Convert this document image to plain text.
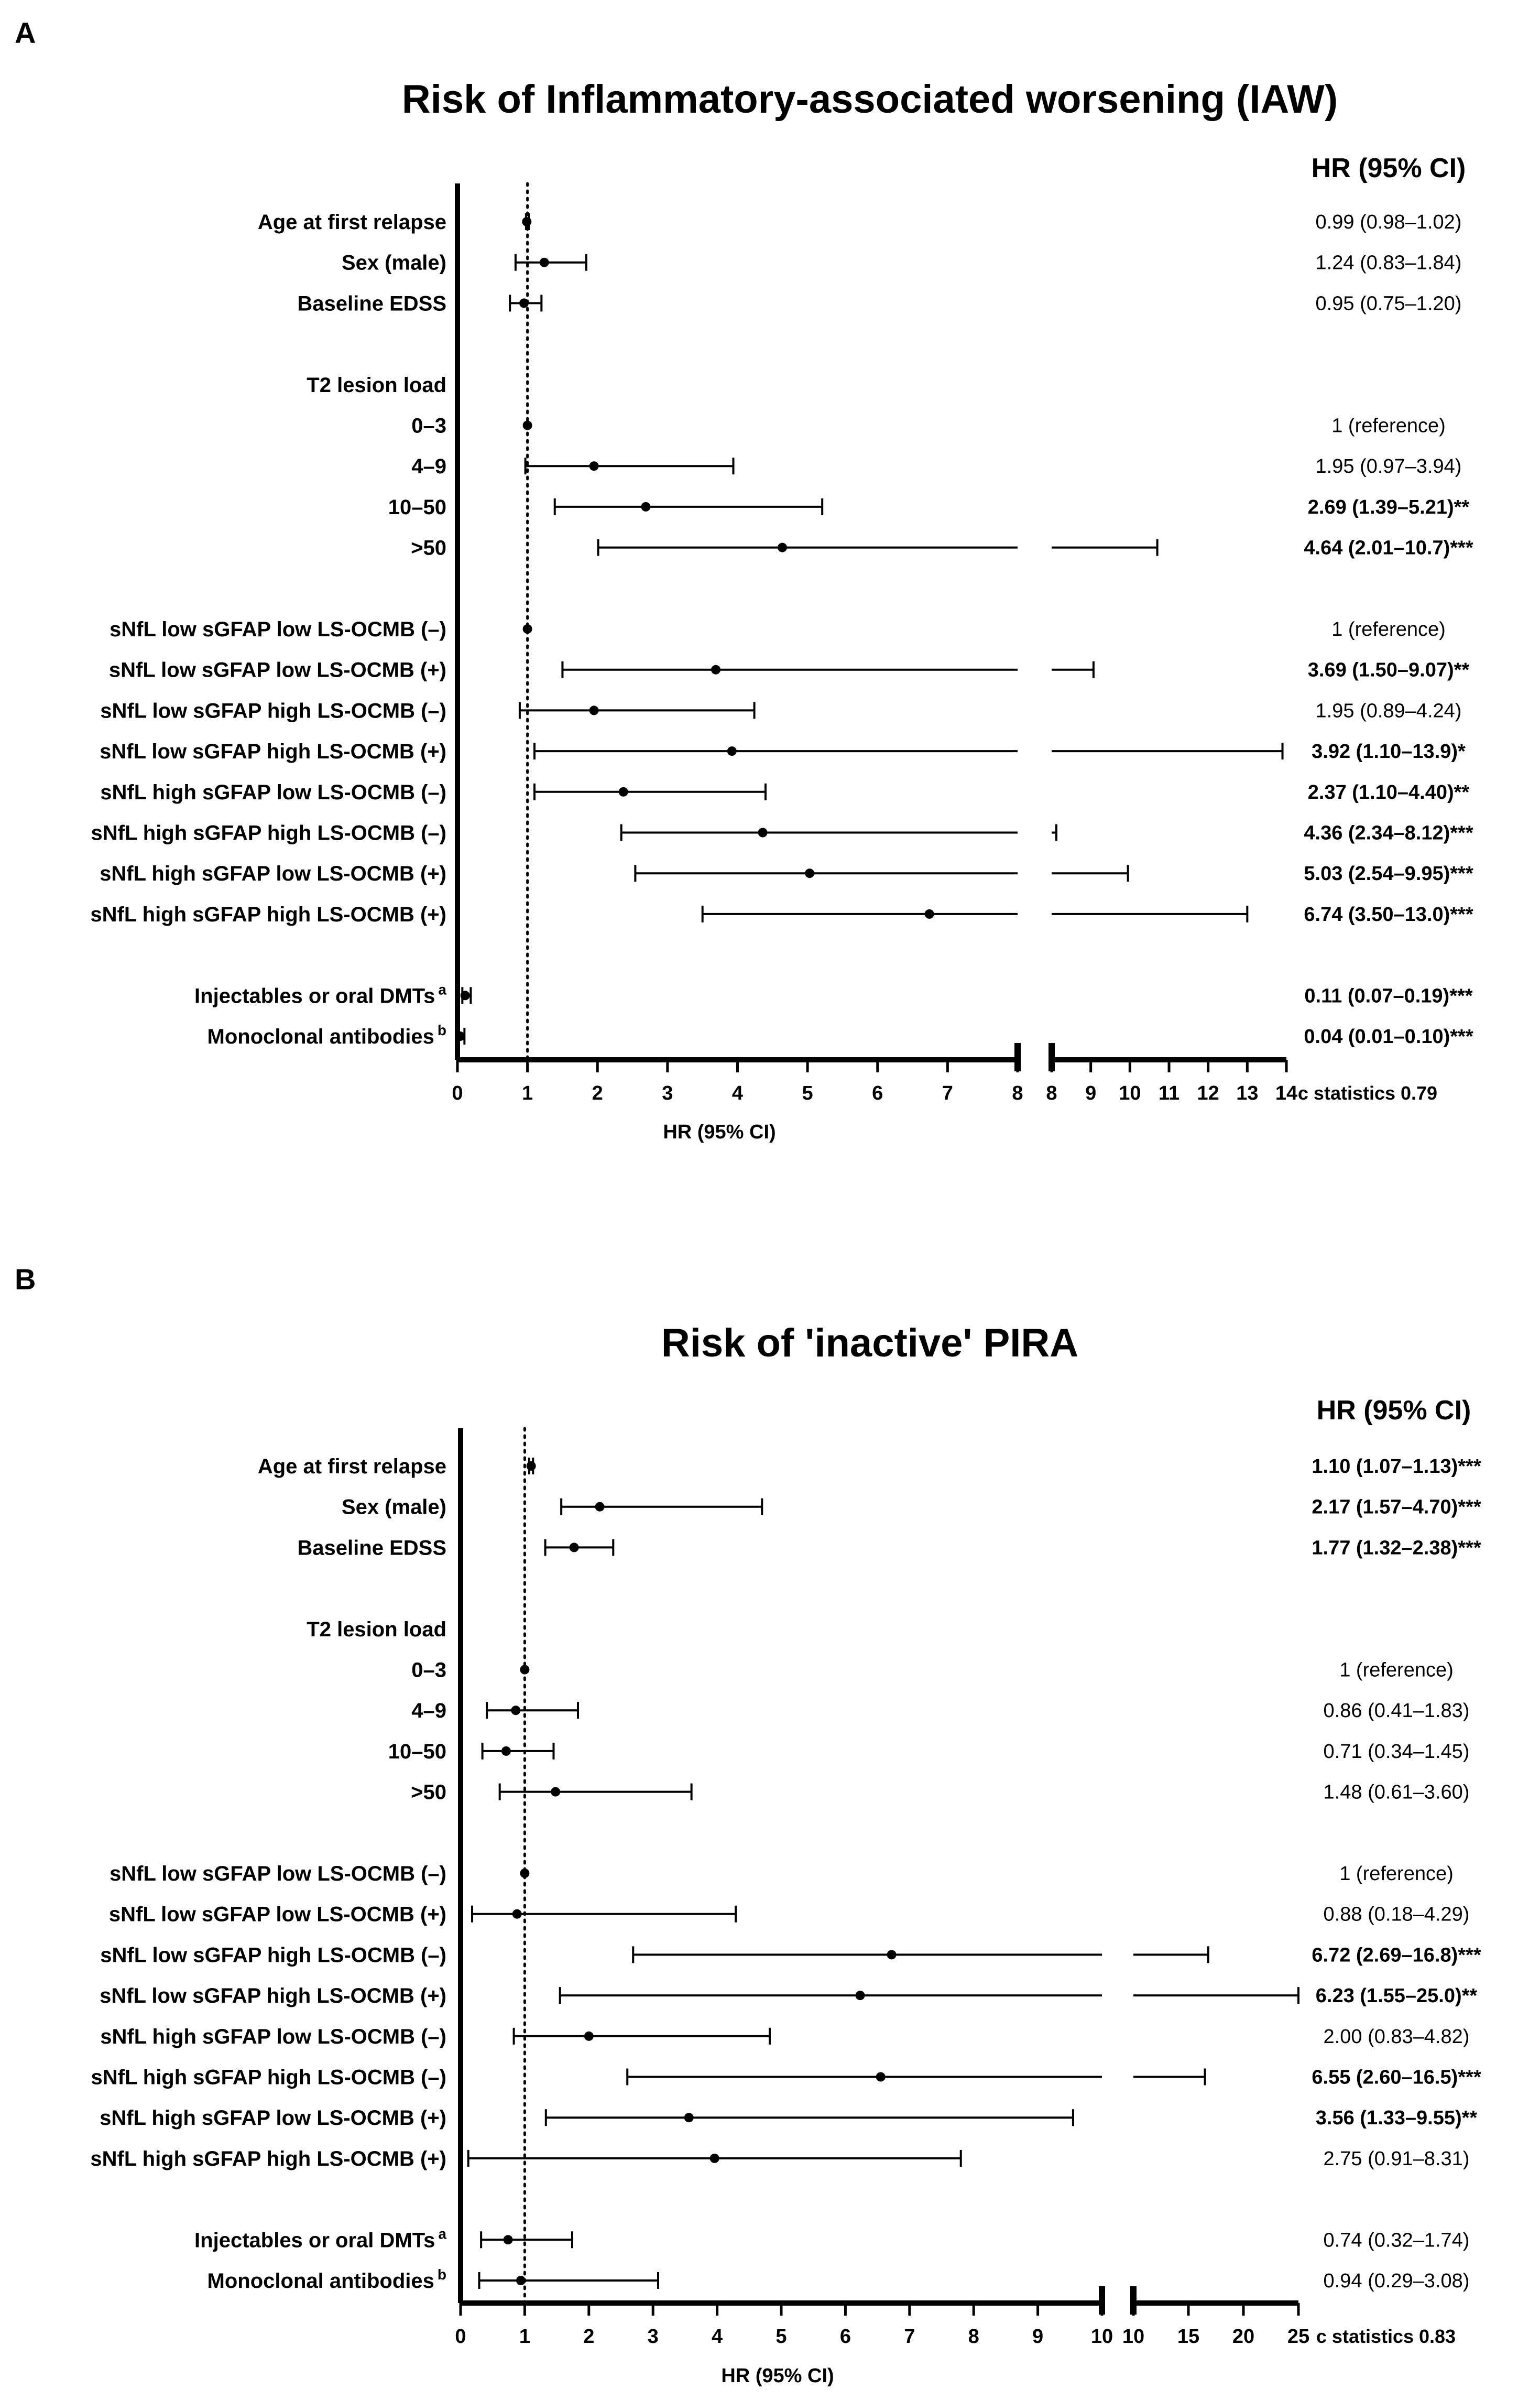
A
Risk of Inflammatory-associated worsening (IAW)
HR (95% CI)
0	1	2	3	4	5	6	7	8 8 9 10 11 12 13 14
HR (95% CI)
c statistics 0.79
Age at first relapse	0.99 (0.98–1.02)
Sex (male)	1.24 (0.83–1.84)
Baseline EDSS	0.95 (0.75–1.20)
T2 lesion load
0–3	1 (reference)
4–9	1.95 (0.97–3.94)
10–50	2.69 (1.39–5.21)**
>50	4.64 (2.01–10.7)***
sNfL low sGFAP low LS-OCMB (–)	1 (reference)
sNfL low sGFAP low LS-OCMB (+)	3.69 (1.50–9.07)**
sNfL low sGFAP high LS-OCMB (–)	1.95 (0.89–4.24)
sNfL low sGFAP high LS-OCMB (+)	3.92 (1.10–13.9)*
sNfL high sGFAP low LS-OCMB (–)	2.37 (1.10–4.40)**
sNfL high sGFAP high LS-OCMB (–)	4.36 (2.34–8.12)***
sNfL high sGFAP low LS-OCMB (+)	5.03 (2.54–9.95)***
sNfL high sGFAP high LS-OCMB (+)	6.74 (3.50–13.0)***
Injectables or oral DMTs $^a$	0.11 (0.07–0.19)***
Monoclonal antibodies $^b$	0.04 (0.01–0.10)***
B
Risk of 'inactive' PIRA
HR (95% CI)
0	1	2	3	4	5	6	7	8	9 10 10 15 20 25
HR (95% CI)
c statistics 0.83
Age at first relapse	1.10 (1.07–1.13)***
Sex (male)	2.17 (1.57–4.70)***
Baseline EDSS	1.77 (1.32–2.38)***
T2 lesion load
0–3	1 (reference)
4–9	0.86 (0.41–1.83)
10–50	0.71 (0.34–1.45)
>50	1.48 (0.61–3.60)
sNfL low sGFAP low LS-OCMB (–)	1 (reference)
sNfL low sGFAP low LS-OCMB (+)	0.88 (0.18–4.29)
sNfL low sGFAP high LS-OCMB (–)	6.72 (2.69–16.8)***
sNfL low sGFAP high LS-OCMB (+)	6.23 (1.55–25.0)**
sNfL high sGFAP low LS-OCMB (–)	2.00 (0.83–4.82)
sNfL high sGFAP high LS-OCMB (–)	6.55 (2.60–16.5)***
sNfL high sGFAP low LS-OCMB (+)	3.56 (1.33–9.55)**
sNfL high sGFAP high LS-OCMB (+)	2.75 (0.91–8.31)
Injectables or oral DMTs $^a$	0.74 (0.32–1.74)
Monoclonal antibodies $^b$	0.94 (0.29–3.08)
